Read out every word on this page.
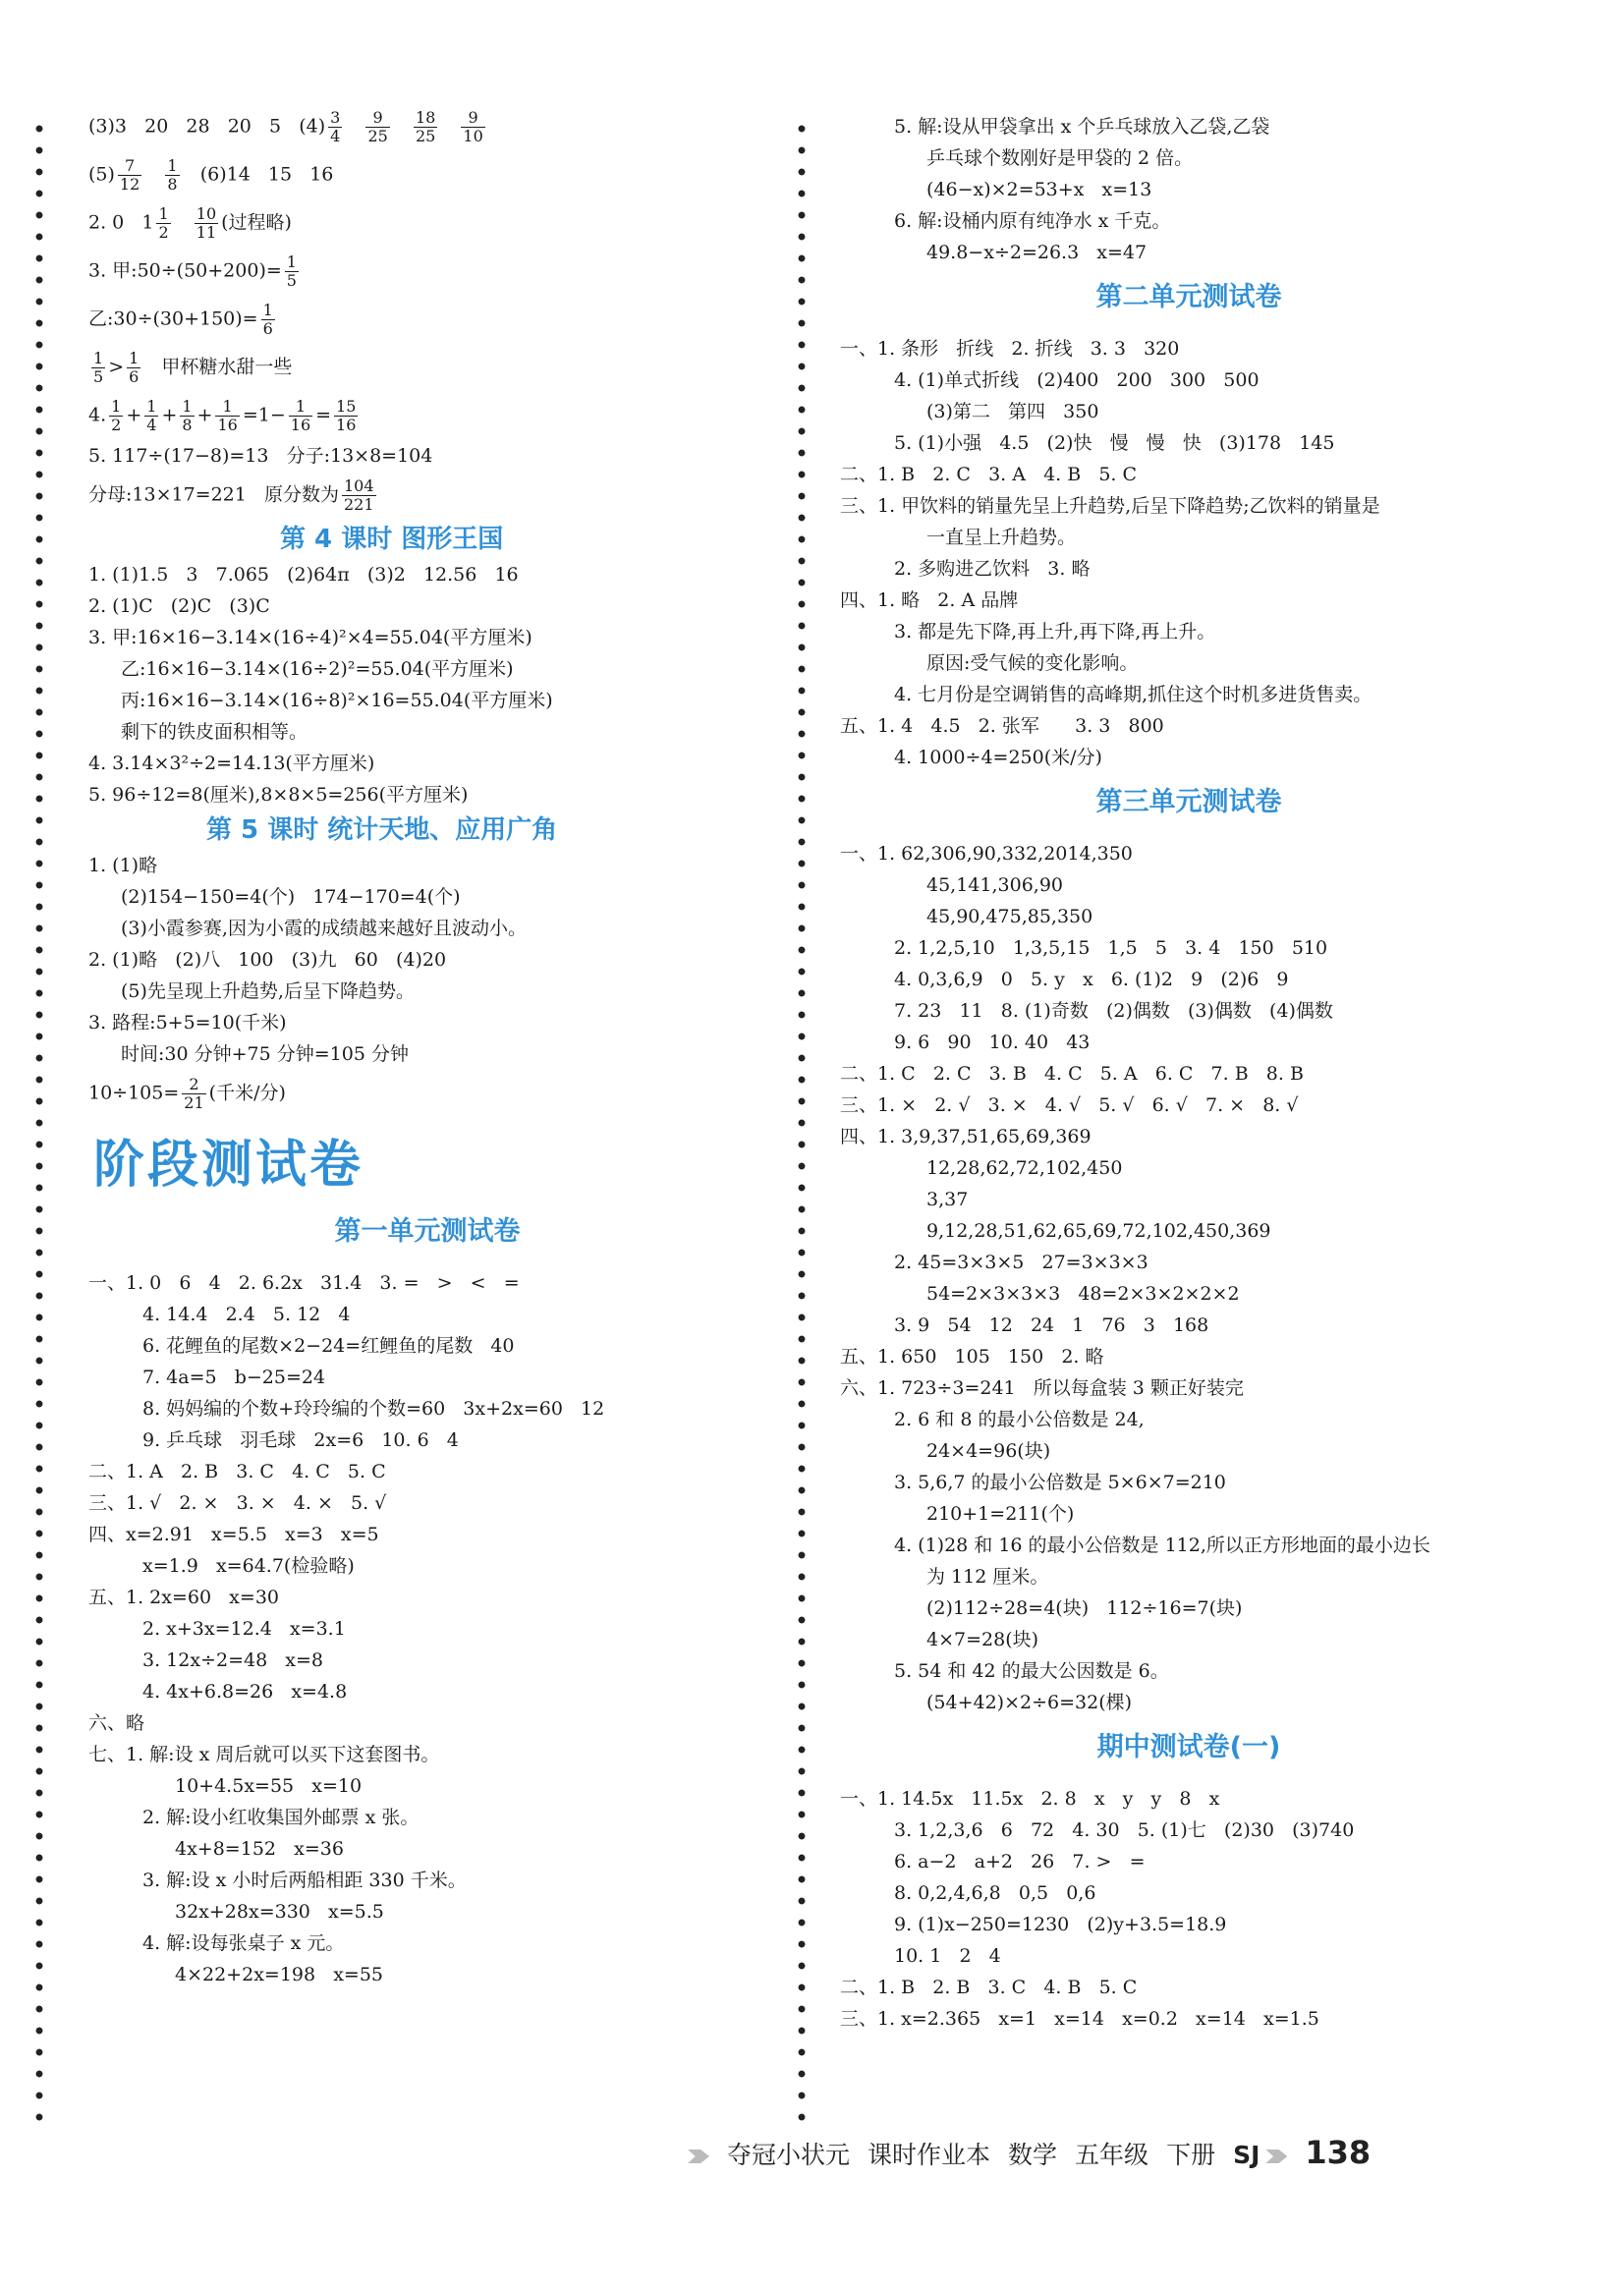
(3)3   20   28   20   5   $(4) \frac{3}{4}$
$\frac{9}{25}$
$\frac{18}{25}$
$\frac{9}{10}$
$(5) \frac{7}{12}$
$\frac{1}{8} (6)14$   15   16
2. 0   $1 \frac{1}{2}$
$\frac{10}{11}$ (过程略)
3. 甲:50÷(50+200)= $\frac{1}{5}$
乙:30÷(30+150)= $\frac{1}{6}$
$\frac{1}{5} > \frac{1}{6}$ 甲杯糖水甜一些
4. $\frac{1}{2} + \frac{1}{4} + \frac{1}{8} + \frac{1}{16} =1- \frac{1}{16} = \frac{15}{16}$
5. 117÷(17−8)=13   分子:13×8=104
分母:13×17=221   原分数为 $\frac{104}{221}$
第 4 课时 图形王国
1. (1)1.5   3   7.065   (2)64π   (3)2   12.56   16
2. (1)C   (2)C   (3)C
3. 甲:16×16−3.14×(16÷4)²×4=55.04(平方厘米)
乙:16×16−3.14×(16÷2)²=55.04(平方厘米)
丙:16×16−3.14×(16÷8)²×16=55.04(平方厘米)
剩下的铁皮面积相等。
4. 3.14×3²÷2=14.13(平方厘米)
5. 96÷12=8(厘米),8×8×5=256(平方厘米)
第 5 课时 统计天地、应用广角
1. (1)略
(2)154−150=4(个)   174−170=4(个)
(3)小霞参赛,因为小霞的成绩越来越好且波动小。
2. (1)略   (2)八   100   (3)九   60   (4)20
(5)先呈现上升趋势,后呈下降趋势。
3. 路程:5+5=10(千米)
时间:30 分钟+75 分钟=105 分钟
$10\div 105= \frac{2}{21}$ (千米/分)
阶段测试卷
第一单元测试卷
一、1. 0   6   4   2. 6.2x   31.4   3. =   >   <   =
4. 14.4   2.4   5. 12   4
6. 花鲤鱼的尾数×2−24=红鲤鱼的尾数   40
7. 4a=5   b−25=24
8. 妈妈编的个数+玲玲编的个数=60   3x+2x=60   12
9. 乒乓球   羽毛球   2x=6   10. 6   4
二、1. A   2. B   3. C   4. C   5. C
三、1. √   2. ×   3. ×   4. ×   5. √
四、x=2.91   x=5.5   x=3   x=5
x=1.9   x=64.7(检验略)
五、1. 2x=60   x=30
2. x+3x=12.4   x=3.1
3. 12x÷2=48   x=8
4. 4x+6.8=26   x=4.8
六、略
七、1. 解:设 x 周后就可以买下这套图书。
10+4.5x=55   x=10
2. 解:设小红收集国外邮票 x 张。
4x+8=152   x=36
3. 解:设 x 小时后两船相距 330 千米。
32x+28x=330   x=5.5
4. 解:设每张桌子 x 元。
4×22+2x=198   x=55
5. 解:设从甲袋拿出 x 个乒乓球放入乙袋,乙袋
乒乓球个数刚好是甲袋的 2 倍。
(46−x)×2=53+x   x=13
6. 解:设桶内原有纯净水 x 千克。
49.8−x÷2=26.3   x=47
第二单元测试卷
一、1. 条形   折线   2. 折线   3. 3   320
4. (1)单式折线   (2)400   200   300   500
(3)第二   第四   350
5. (1)小强   4.5   (2)快   慢   慢   快   (3)178   145
二、1. B   2. C   3. A   4. B   5. C
三、1. 甲饮料的销量先呈上升趋势,后呈下降趋势;乙饮料的销量是
一直呈上升趋势。
2. 多购进乙饮料   3. 略
四、1. 略   2. A 品牌
3. 都是先下降,再上升,再下降,再上升。
原因:受气候的变化影响。
4. 七月份是空调销售的高峰期,抓住这个时机多进货售卖。
五、1. 4   4.5   2. 张军      3. 3   800
4. 1000÷4=250(米/分)
第三单元测试卷
一、1. 62,306,90,332,2014,350
45,141,306,90
45,90,475,85,350
2. 1,2,5,10   1,3,5,15   1,5   5   3. 4   150   510
4. 0,3,6,9   0   5. y   x   6. (1)2   9   (2)6   9
7. 23   11   8. (1)奇数   (2)偶数   (3)偶数   (4)偶数
9. 6   90   10. 40   43
二、1. C   2. C   3. B   4. C   5. A   6. C   7. B   8. B
三、1. ×   2. √   3. ×   4. √   5. √   6. √   7. ×   8. √
四、1. 3,9,37,51,65,69,369
12,28,62,72,102,450
3,37
9,12,28,51,62,65,69,72,102,450,369
2. 45=3×3×5   27=3×3×3
54=2×3×3×3   48=2×3×2×2×2
3. 9   54   12   24   1   76   3   168
五、1. 650   105   150   2. 略
六、1. 723÷3=241   所以每盒装 3 颗正好装完
2. 6 和 8 的最小公倍数是 24,
24×4=96(块)
3. 5,6,7 的最小公倍数是 5×6×7=210
210+1=211(个)
4. (1)28 和 16 的最小公倍数是 112,所以正方形地面的最小边长
为 112 厘米。
(2)112÷28=4(块)   112÷16=7(块)
4×7=28(块)
5. 54 和 42 的最大公因数是 6。
(54+42)×2÷6=32(棵)
期中测试卷(一)
一、1. 14.5x   11.5x   2. 8   x   y   y   8   x
3. 1,2,3,6   6   72   4. 30   5. (1)七   (2)30   (3)740
6. a−2   a+2   26   7. >   =
8. 0,2,4,6,8   0,5   0,6
9. (1)x−250=1230   (2)y+3.5=18.9
10. 1   2   4
二、1. B   2. B   3. C   4. B   5. C
三、1. x=2.365   x=1   x=14   x=0.2   x=14   x=1.5
夺冠小状元 课时作业本 数学 五年级 下册 SJ 138
